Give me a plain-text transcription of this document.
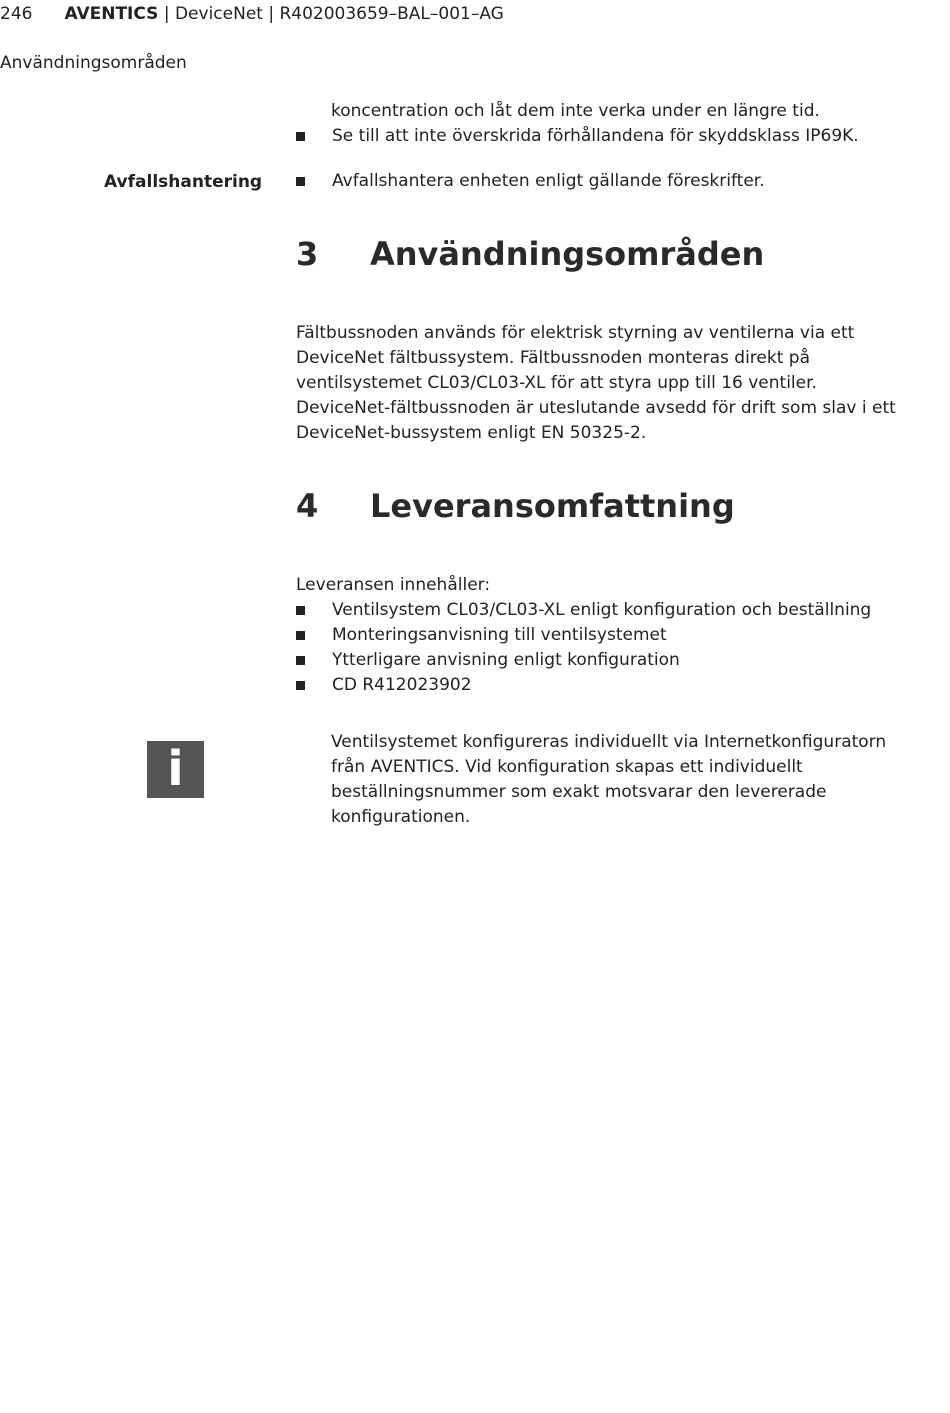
246 AVENTICS | DeviceNet | R402003659–BAL–001–AG
Användningsområden
koncentration och låt dem inte verka under en längre tid.
Se till att inte överskrida förhållandena för skyddsklass IP69K.
Avfallshantering	Avfallshantera enheten enligt gällande föreskrifter.
3 Användningsområden
Fältbussnoden används för elektrisk styrning av ventilerna via ett
DeviceNet fältbussystem. Fältbussnoden monteras direkt på
ventilsystemet CL03/CL03-XL för att styra upp till 16 ventiler.
DeviceNet-fältbussnoden är uteslutande avsedd för drift som slav i ett
DeviceNet-bussystem enligt EN 50325-2.
4 Leveransomfattning
Leveransen innehåller:
Ventilsystem CL03/CL03-XL enligt konfiguration och beställning
Monteringsanvisning till ventilsystemet
Ytterligare anvisning enligt konfiguration
CD R412023902
i	Ventilsystemet konfigureras individuellt via Internetkonfiguratorn
från AVENTICS. Vid konfiguration skapas ett individuellt
beställningsnummer som exakt motsvarar den levererade
konfigurationen.
